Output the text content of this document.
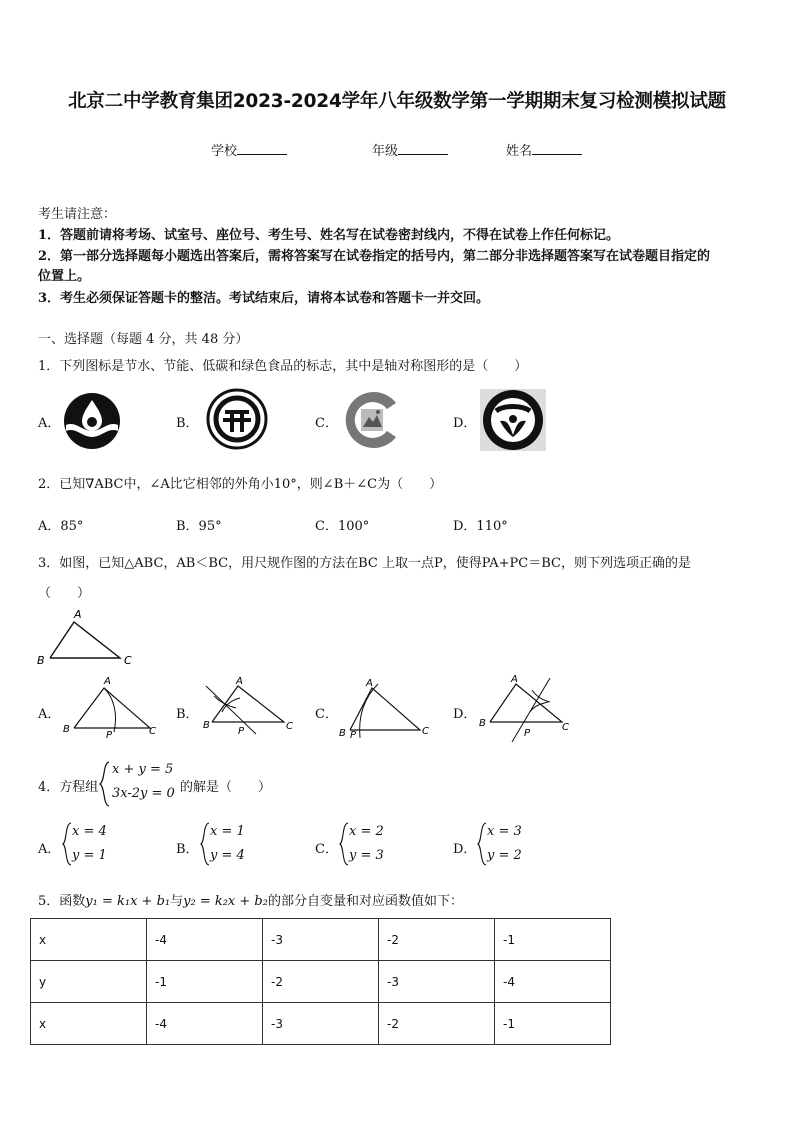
北京二中学教育集团2023-2024学年八年级数学第一学期期末复习检测模拟试题
学校	年级	姓名
考生请注意：
1．答题前请将考场、试室号、座位号、考生号、姓名写在试卷密封线内，不得在试卷上作任何标记。
2．第一部分选择题每小题选出答案后，需将答案写在试卷指定的括号内，第二部分非选择题答案写在试卷题目指定的
位置上。
3．考生必须保证答题卡的整洁。考试结束后，请将本试卷和答题卡一并交回。
一、选择题（每题 4 分，共 48 分）
1．下列图标是节水、节能、低碳和绿色食品的标志，其中是轴对称图形的是（　　）
A．	B．	C．	D．
2．已知∇ABC中，∠A比它相邻的外角小10°，则∠B＋∠C为（　　）
A．85°	B．95°	C．100°	D．110°
3．如图，已知△ABC，AB＜BC，用尺规作图的方法在BC 上取一点P，使得PA+PC＝BC，则下列选项正确的是
（　　）
A
B	C
A．	B．	C．	D．
A
B	C
P
A
B	C
P
A
B	C
P
A
B	C
P
4．方程组
x + y = 5
3x-2y = 0 的解是（　　）
A．
x = 4
y = 1	B．
x = 1
y = 4	C．
x = 2
y = 3	D．
x = 3
y = 2
5．函数y₁ = k₁x + b₁与y₂ = k₂x + b₂的部分自变量和对应函数值如下：
x	-4	-3	-2	-1
y	-1	-2	-3	-4
x	-4	-3	-2	-1
